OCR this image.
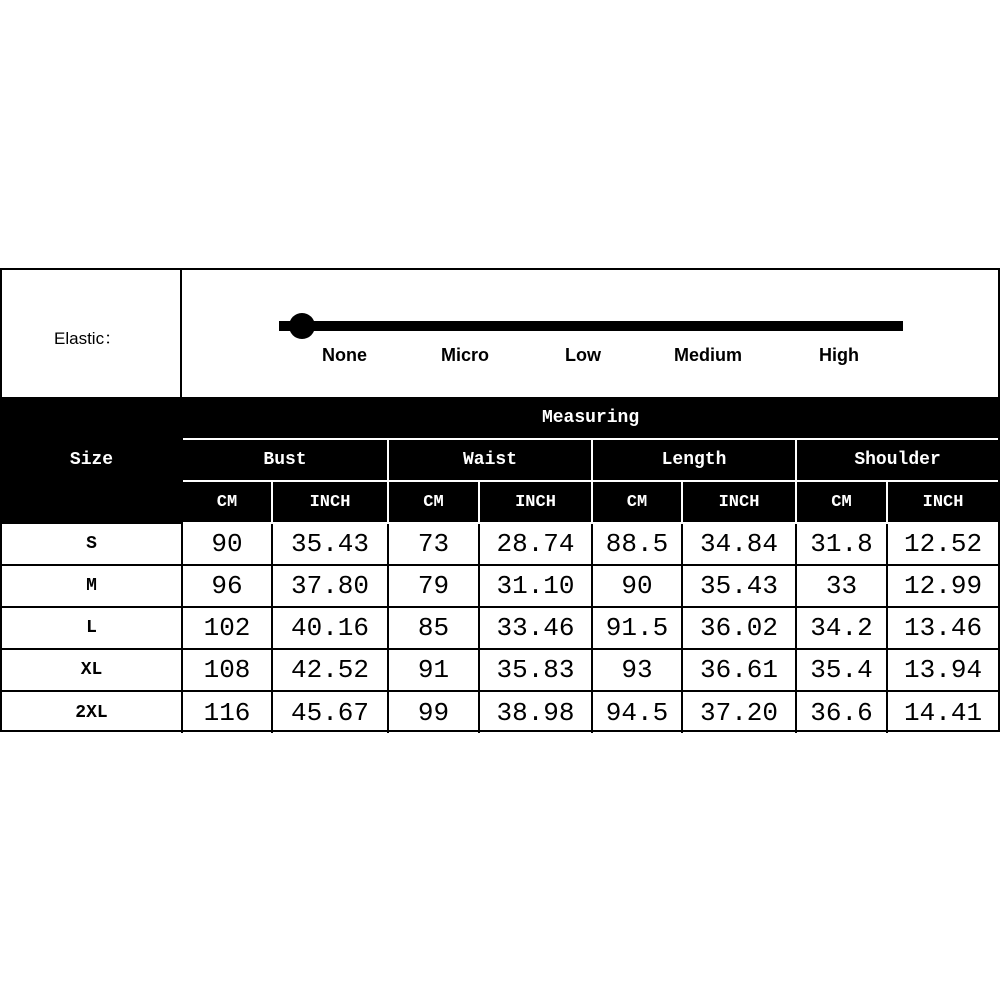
Elastic：
None	Micro	Low	Medium	High
Size	Measuring							
	Bust		Waist		Length		Shoulder	
	CM	INCH	CM	INCH	CM	INCH	CM	INCH
S	90	35.43	73	28.74	88.5	34.84	31.8	12.52
M	96	37.80	79	31.10	90	35.43	33	12.99
L	102	40.16	85	33.46	91.5	36.02	34.2	13.46
XL	108	42.52	91	35.83	93	36.61	35.4	13.94
2XL	116	45.67	99	38.98	94.5	37.20	36.6	14.41
